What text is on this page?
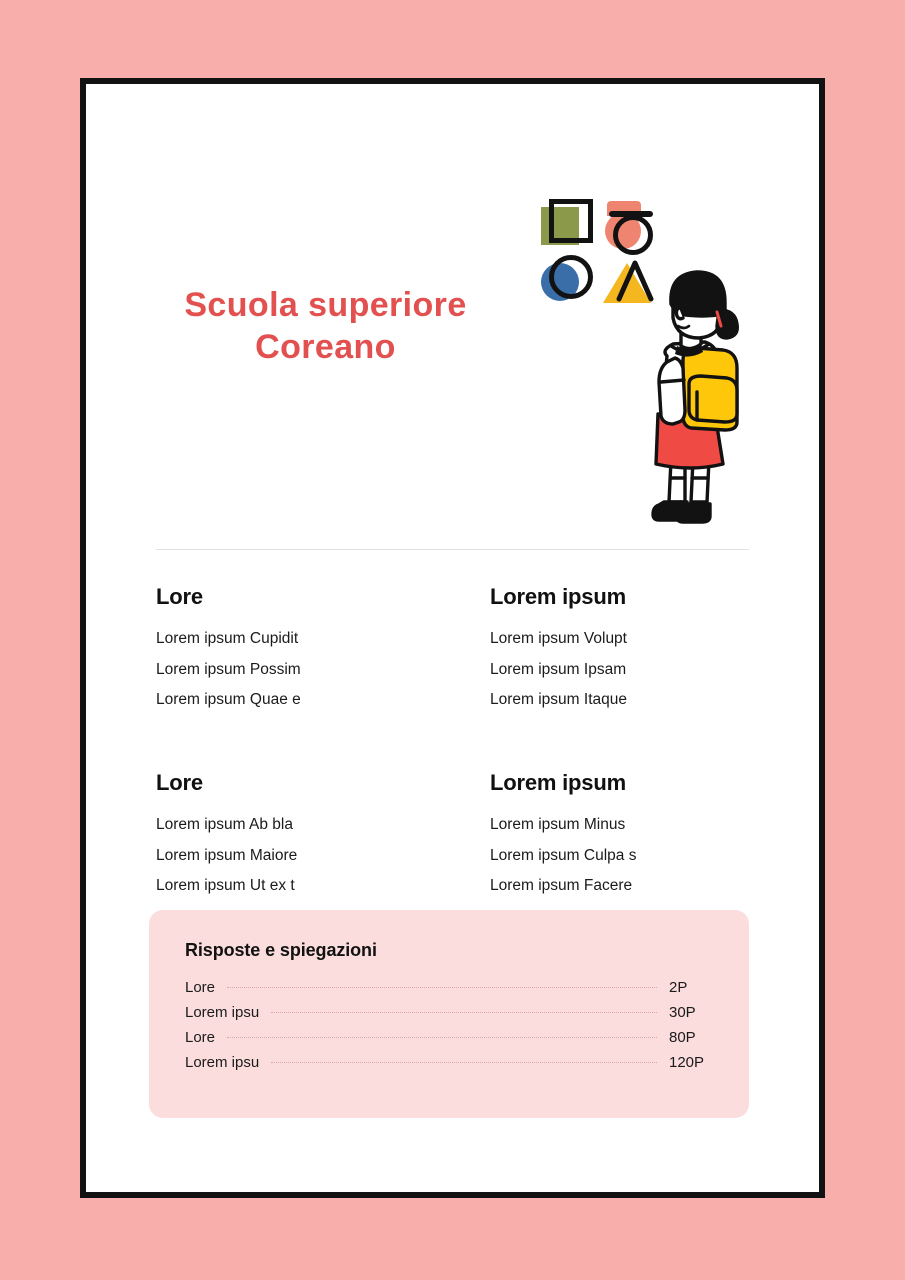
Scuola superiore Coreano
Lore
Lorem ipsum Cupidit
Lorem ipsum Possim
Lorem ipsum Quae e
Lorem ipsum
Lorem ipsum Volupt
Lorem ipsum Ipsam
Lorem ipsum Itaque
Lore
Lorem ipsum Ab bla
Lorem ipsum Maiore
Lorem ipsum Ut ex t
Lorem ipsum
Lorem ipsum Minus
Lorem ipsum Culpa s
Lorem ipsum Facere
Risposte e spiegazioni
Lore	2P
Lorem ipsu	30P
Lore	80P
Lorem ipsu	120P
